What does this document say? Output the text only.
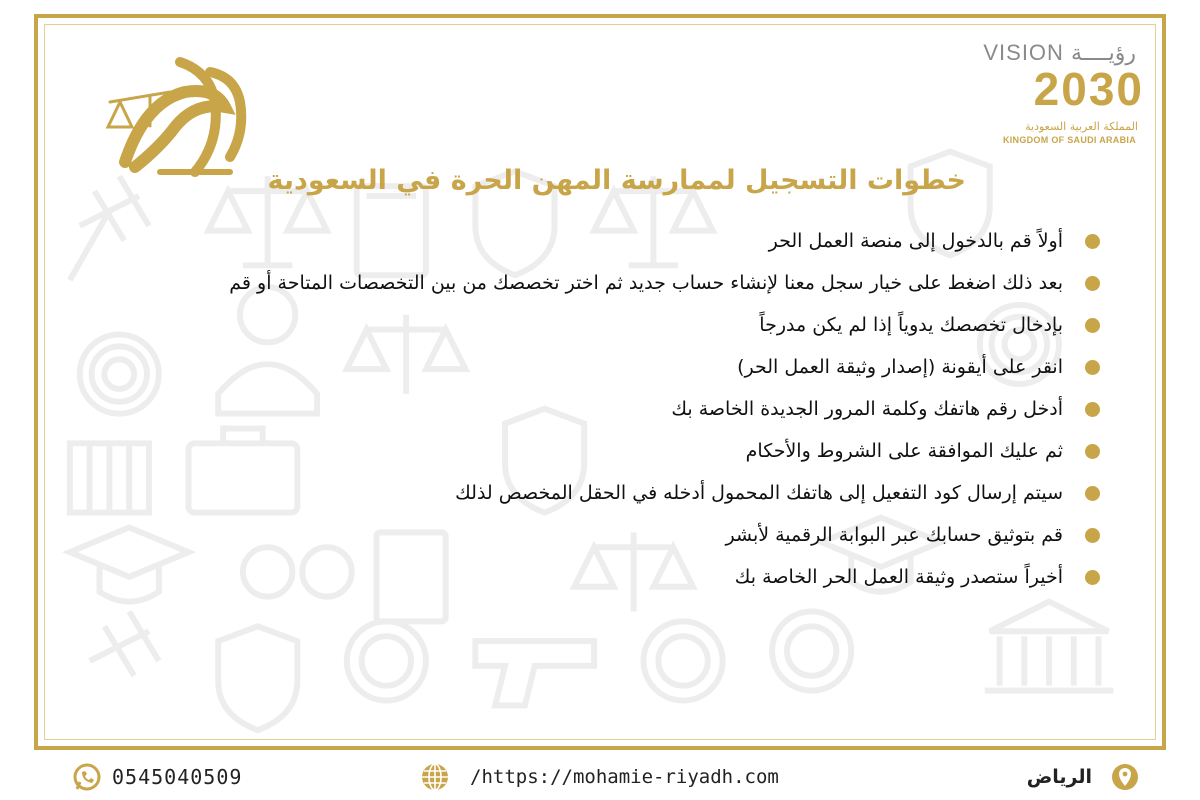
VISION رؤيــــة
2030
المملكة العربية السعودية
KINGDOM OF SAUDI ARABIA
خطوات التسجيل لممارسة المهن الحرة في السعودية
أولاً قم بالدخول إلى منصة العمل الحر
بعد ذلك اضغط على خيار سجل معنا لإنشاء حساب جديد ثم اختر تخصصك من بين التخصصات المتاحة أو قم
بإدخال تخصصك يدوياً إذا لم يكن مدرجاً
انقر على أيقونة (إصدار وثيقة العمل الحر)
أدخل رقم هاتفك وكلمة المرور الجديدة الخاصة بك
ثم عليك الموافقة على الشروط والأحكام
سيتم إرسال كود التفعيل إلى هاتفك المحمول أدخله في الحقل المخصص لذلك
قم بتوثيق حسابك عبر البوابة الرقمية لأبشر
أخيراً ستصدر وثيقة العمل الحر الخاصة بك
0545040509	/https://mohamie-riyadh.com	الرياض
